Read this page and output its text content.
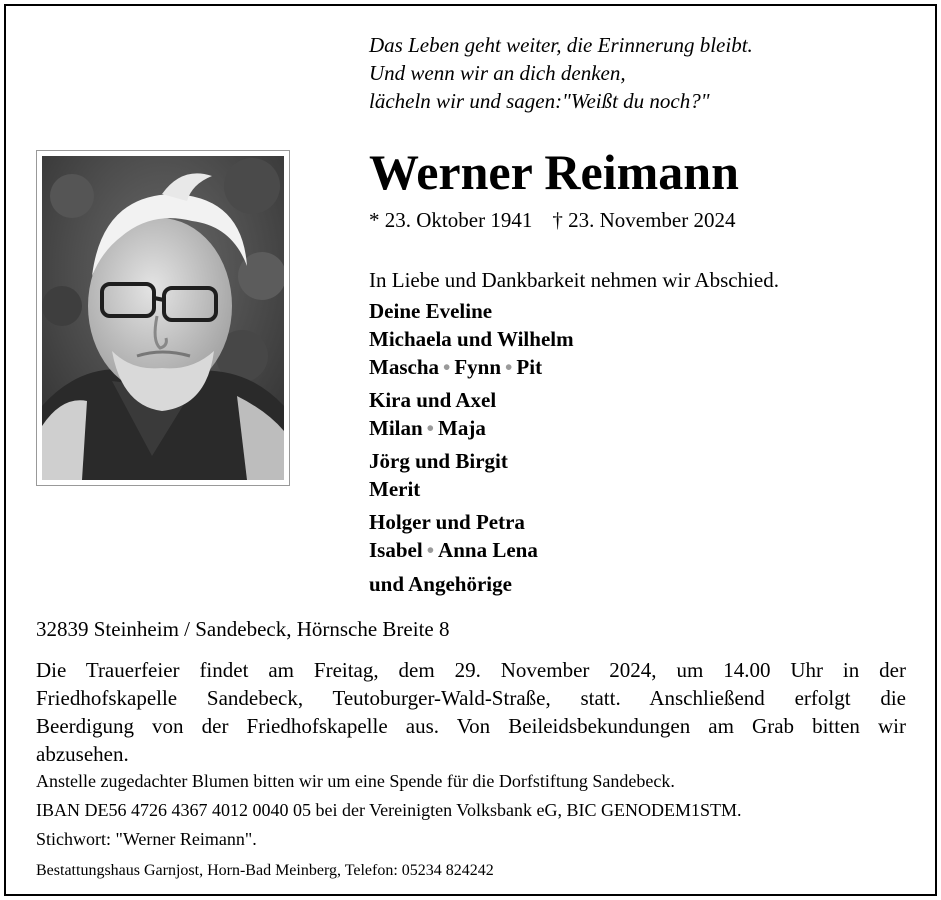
Das Leben geht weiter, die Erinnerung bleibt.
Und wenn wir an dich denken,
lächeln wir und sagen:"Weißt du noch?"
Werner Reimann
* 23. Oktober 1941 † 23. November 2024
In Liebe und Dankbarkeit nehmen wir Abschied.
Deine Eveline
Michaela und Wilhelm
Mascha • Fynn • Pit
Kira und Axel
Milan • Maja
Jörg und Birgit
Merit
Holger und Petra
Isabel • Anna Lena
und Angehörige
32839 Steinheim / Sandebeck, Hörnsche Breite 8
Die Trauerfeier findet am Freitag, dem 29. November 2024, um 14.00 Uhr in der
Friedhofskapelle Sandebeck, Teutoburger-Wald-Straße, statt. Anschließend erfolgt die
Beerdigung von der Friedhofskapelle aus. Von Beileidsbekundungen am Grab bitten wir
abzusehen.
Anstelle zugedachter Blumen bitten wir um eine Spende für die Dorfstiftung Sandebeck.
IBAN DE56 4726 4367 4012 0040 05 bei der Vereinigten Volksbank eG, BIC GENODEM1STM.
Stichwort: "Werner Reimann".
Bestattungshaus Garnjost, Horn-Bad Meinberg, Telefon: 05234 824242
